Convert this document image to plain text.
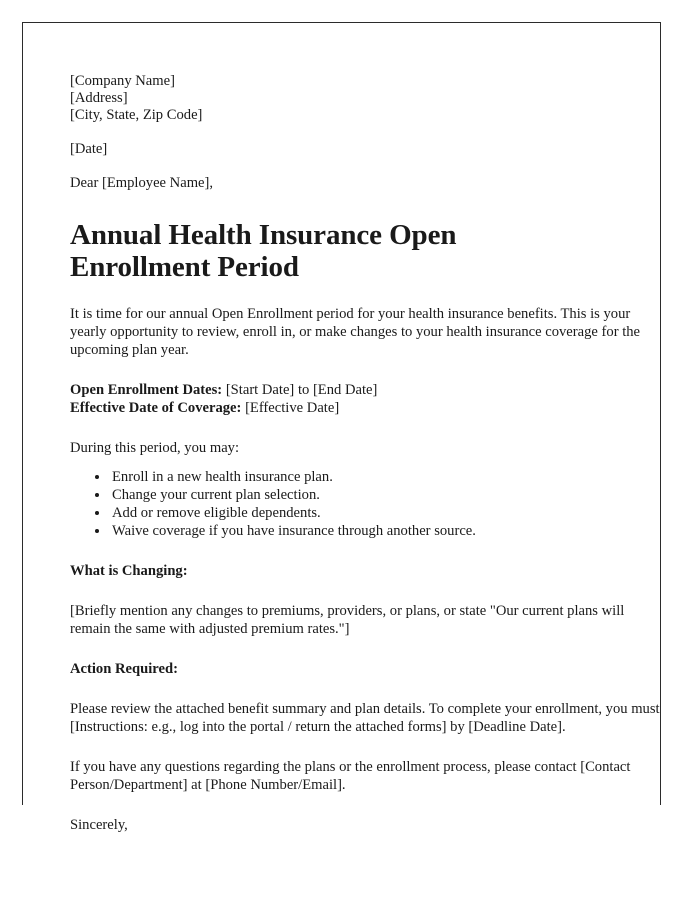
[Company Name]
[Address]
[City, State, Zip Code]
[Date]
Dear [Employee Name],
Annual Health Insurance Open Enrollment Period

It is time for our annual Open Enrollment period for your health insurance benefits. This is your yearly opportunity to review, enroll in, or make changes to your health insurance coverage for the upcoming plan year.

Open Enrollment Dates: [Start Date] to [End Date]
Effective Date of Coverage: [Effective Date]

During this period, you may:

• Enroll in a new health insurance plan.
• Change your current plan selection.
• Add or remove eligible dependents.
• Waive coverage if you have insurance through another source.
What is Changing:

[Briefly mention any changes to premiums, providers, or plans, or state "Our current plans will remain the same with adjusted premium rates."]

Action Required:

Please review the attached benefit summary and plan details. To complete your enrollment, you must [Instructions: e.g., log into the portal / return the attached forms] by [Deadline Date].

If you have any questions regarding the plans or the enrollment process, please contact [Contact Person/Department] at [Phone Number/Email].

Sincerely,
